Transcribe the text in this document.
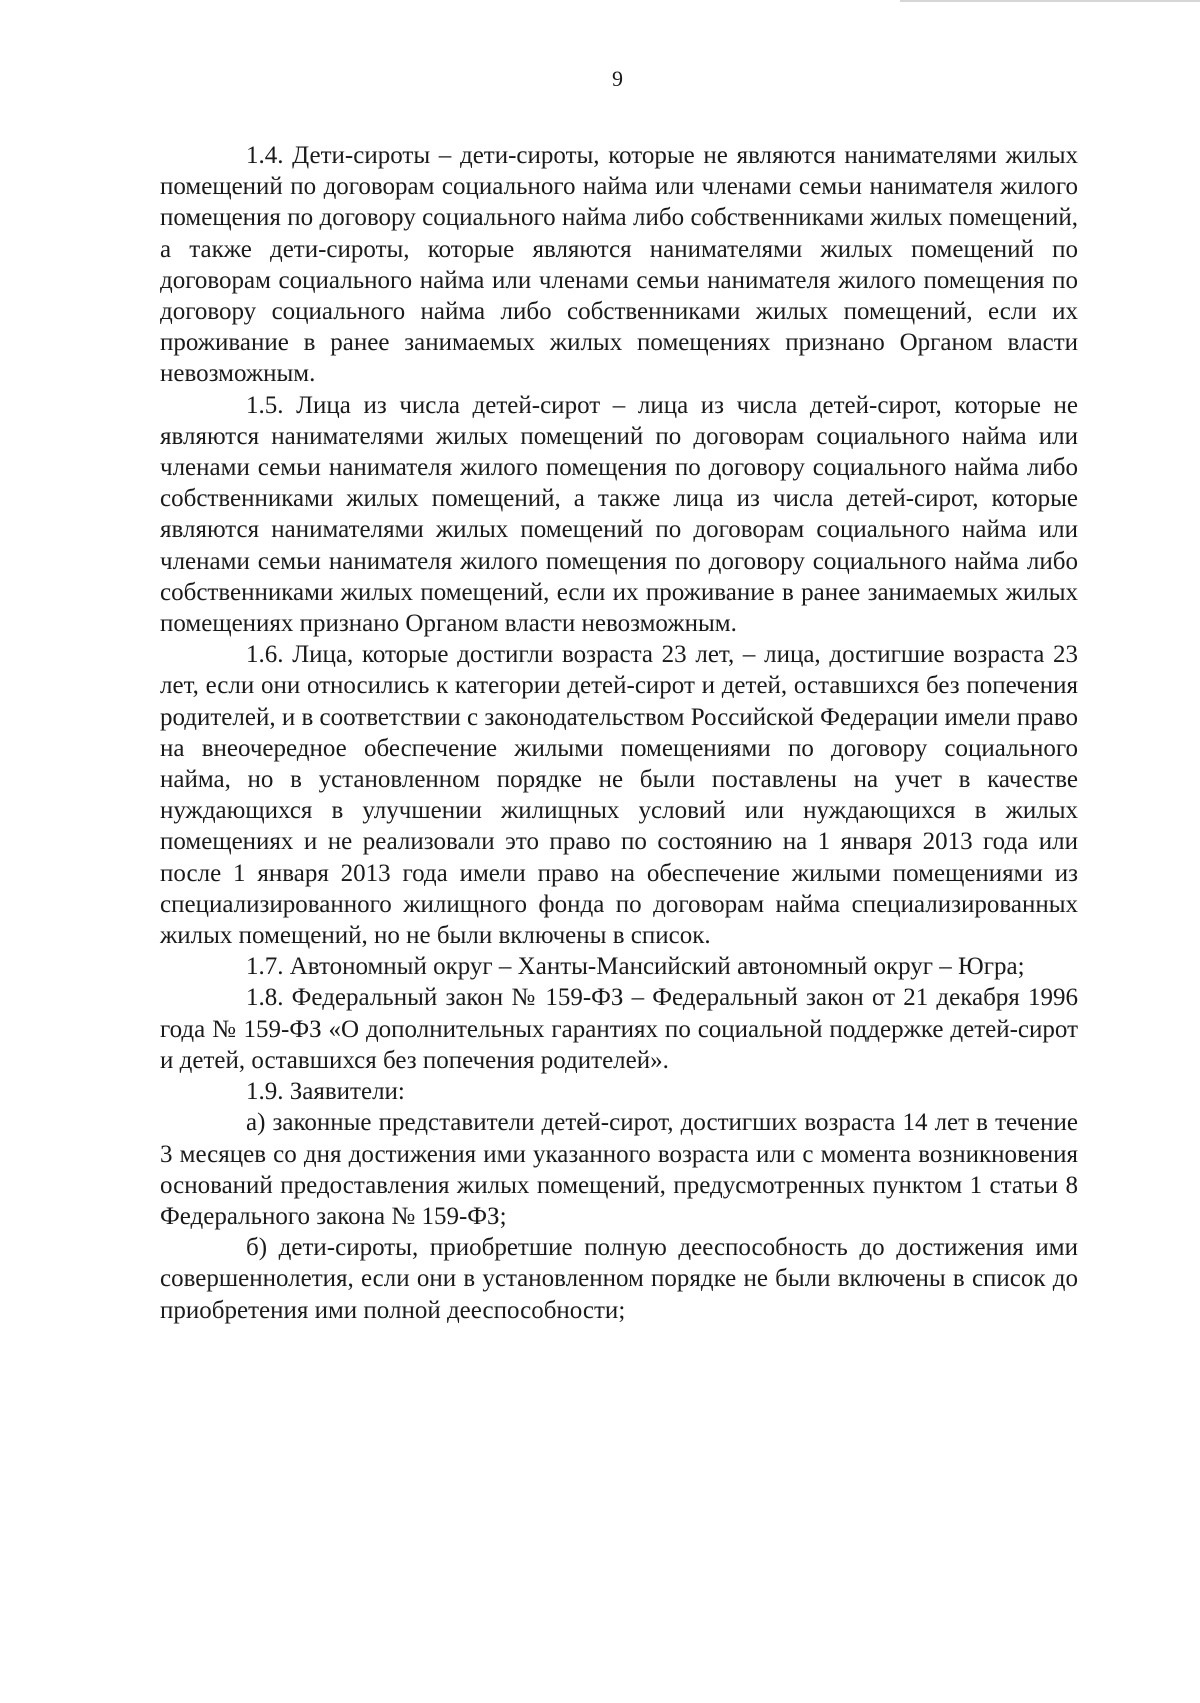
9

1.4. Дети-сироты – дети-сироты, которые не являются нанимателями жилых помещений по договорам социального найма или членами семьи нанимателя жилого помещения по договору социального найма либо собственниками жилых помещений, а также дети-сироты, которые являются нанимателями жилых помещений по договорам социального найма или членами семьи нанимателя жилого помещения по договору социального найма либо собственниками жилых помещений, если их проживание в ранее занимаемых жилых помещениях признано Органом власти невозможным.

1.5. Лица из числа детей-сирот – лица из числа детей-сирот, которые не являются нанимателями жилых помещений по договорам социального найма или членами семьи нанимателя жилого помещения по договору социального найма либо собственниками жилых помещений, а также лица из числа детей-сирот, которые являются нанимателями жилых помещений по договорам социального найма или членами семьи нанимателя жилого помещения по договору социального найма либо собственниками жилых помещений, если их проживание в ранее занимаемых жилых помещениях признано Органом власти невозможным.

1.6. Лица, которые достигли возраста 23 лет, – лица, достигшие возраста 23 лет, если они относились к категории детей-сирот и детей, оставшихся без попечения родителей, и в соответствии с законодательством Российской Федерации имели право на внеочередное обеспечение жилыми помещениями по договору социального найма, но в установленном порядке не были поставлены на учет в качестве нуждающихся в улучшении жилищных условий или нуждающихся в жилых помещениях и не реализовали это право по состоянию на 1 января 2013 года или после 1 января 2013 года имели право на обеспечение жилыми помещениями из специализированного жилищного фонда по договорам найма специализированных жилых помещений, но не были включены в список.

1.7. Автономный округ – Ханты-Мансийский автономный округ – Югра;

1.8. Федеральный закон № 159-ФЗ – Федеральный закон от 21 декабря 1996 года № 159-ФЗ «О дополнительных гарантиях по социальной поддержке детей-сирот и детей, оставшихся без попечения родителей».

1.9. Заявители:

а) законные представители детей-сирот, достигших возраста 14 лет в течение 3 месяцев со дня достижения ими указанного возраста или с момента возникновения оснований предоставления жилых помещений, предусмотренных пунктом 1 статьи 8 Федерального закона № 159-ФЗ;

б) дети-сироты, приобретшие полную дееспособность до достижения ими совершеннолетия, если они в установленном порядке не были включены в список до приобретения ими полной дееспособности;
